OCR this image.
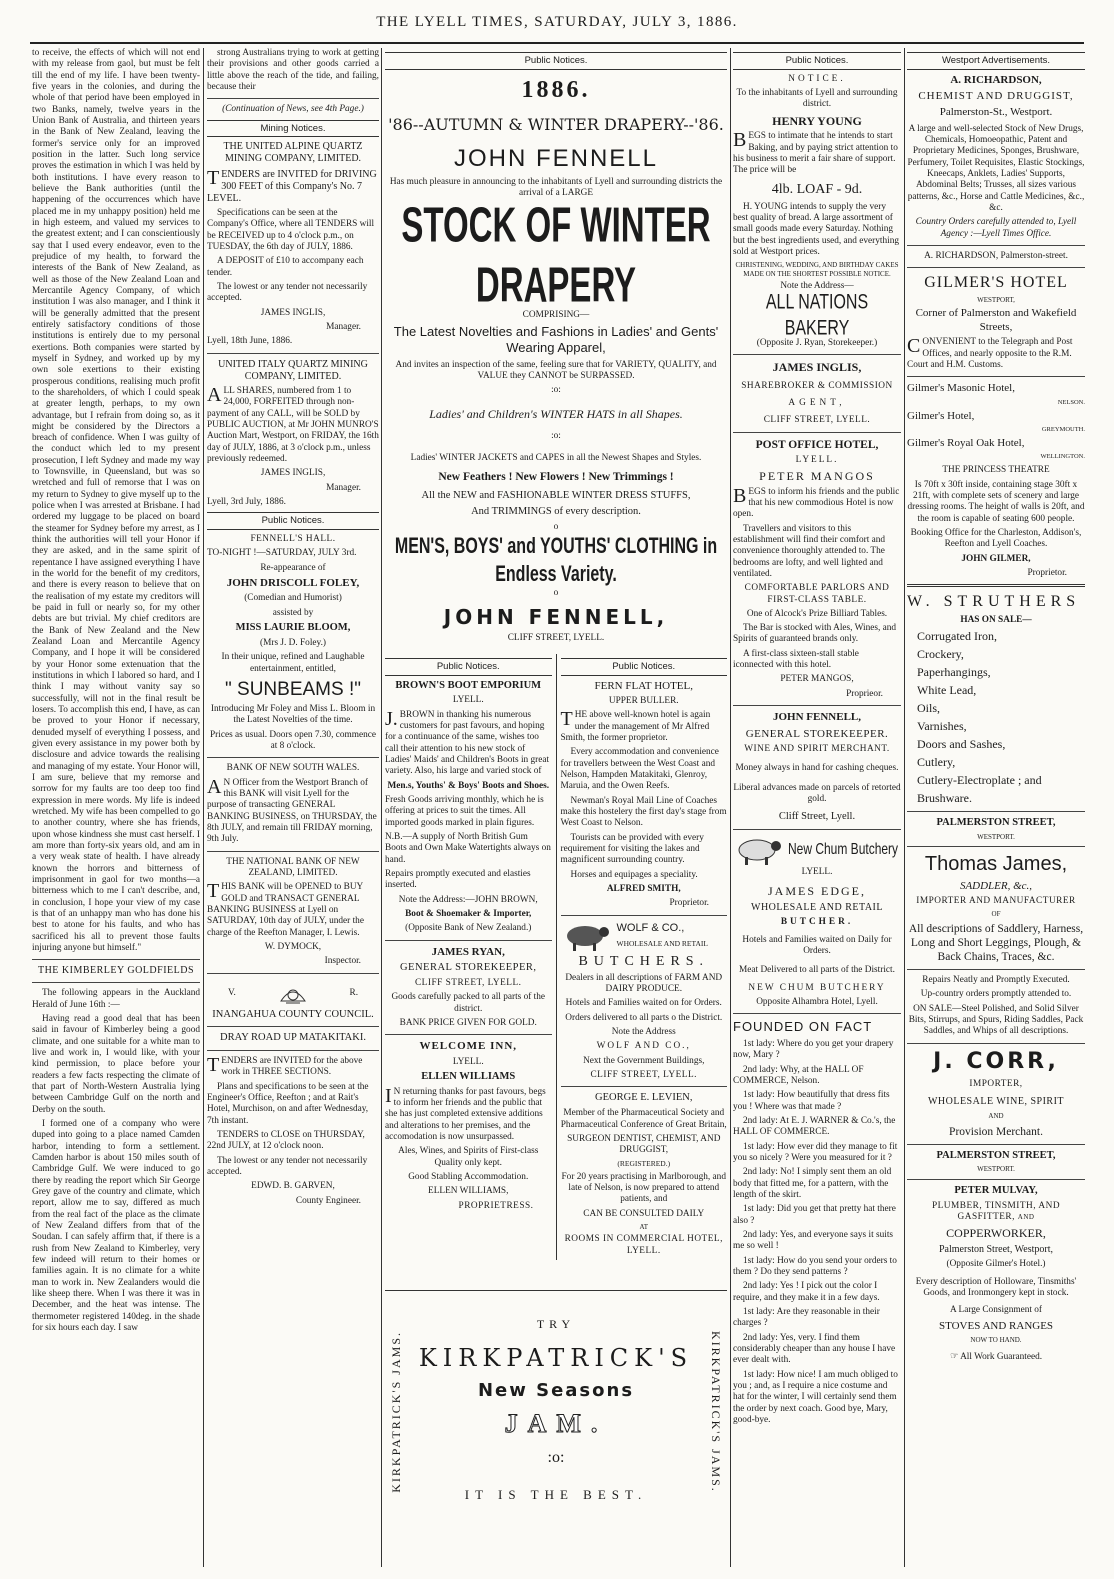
THE LYELL TIMES, SATURDAY, JULY 3, 1886.

to receive, the effects of which will not end with my release from gaol, but must be felt till the end of my life. I have been twenty-five years in the colonies, and during the whole of that period have been employed in two Banks, namely, twelve years in the Union Bank of Australia, and thirteen years in the Bank of New Zealand, leaving the former's service only for an improved position in the latter. Such long service proves the estimation in which I was held by both institutions. I have every reason to believe the Bank authorities (until the happening of the occurrences which have placed me in my unhappy position) held me in high esteem, and valued my services to the greatest extent; and I can conscientiously say that I used every endeavor, even to the prejudice of my health, to forward the interests of the Bank of New Zealand, as well as those of the New Zealand Loan and Mercantile Agency Company, of which institution I was also manager, and I think it will be generally admitted that the present entirely satisfactory conditions of those institutions is entirely due to my personal exertions. Both companies were started by myself in Sydney, and worked up by my own sole exertions to their existing prosperous conditions, realising much profit to the shareholders, of which I could speak at greater length, perhaps, to my own advantage, but I refrain from doing so, as it might be considered by the Directors a breach of confidence. When I was guilty of the conduct which led to my present prosecution, I left Sydney and made my way to Townsville, in Queensland, but was so wretched and full of remorse that I was on my return to Sydney to give myself up to the police when I was arrested at Brisbane. I had ordered my luggage to be placed on board the steamer for Sydney before my arrest, as I think the authorities will tell your Honor if they are asked, and in the same spirit of repentance I have assigned everything I have in the world for the benefit of my creditors, and there is every reason to believe that on the realisation of my estate my creditors will be paid in full or nearly so, for my other debts are but trivial. My chief creditors are the Bank of New Zealand and the New Zealand Loan and Mercantile Agency Company, and I hope it will be considered by your Honor some extenuation that the institutions in which I labored so hard, and I think I may without vanity say so successfully, will not in the final result be losers. To accomplish this end, I have, as can be proved to your Honor if necessary, denuded myself of everything I possess, and given every assistance in my power both by disclosure and advice towards the realising and managing of my estate. Your Honor will, I am sure, believe that my remorse and sorrow for my faults are too deep too find expression in mere words. My life is indeed wretched. My wife has been compelled to go to another country, where she has friends, upon whose kindness she must cast herself. I am more than forty-six years old, and am in a very weak state of health. I have already known the horrors and bitterness of imprisonment in gaol for two months—a bitterness which to me I can't describe, and, in conclusion, I hope your view of my case is that of an unhappy man who has done his best to atone for his faults, and who has sacrificed his all to prevent those faults injuring anyone but himself."

THE KIMBERLEY GOLDFIELDS

The following appears in the Auckland Herald of June 16th :—

Having read a good deal that has been said in favour of Kimberley being a good climate, and one suitable for a white man to live and work in, I would like, with your kind permission, to place before your readers a few facts respecting the climate of that part of North-Western Australia lying between Cambridge Gulf on the north and Derby on the south.

I formed one of a company who were duped into going to a place named Camden harbor, intending to form a settlement. Camden harbor is about 150 miles south of Cambridge Gulf. We were induced to go there by reading the report which Sir George Grey gave of the country and climate, which report, allow me to say, differed as much from the real fact of the place as the climate of New Zealand differs from that of the Soudan. I can safely affirm that, if there is a rush from New Zealand to Kimberley, very few indeed will return to their homes or families again. It is no climate for a white man to work in. New Zealanders would die like sheep there. When I was there it was in December, and the heat was intense. The thermometer registered 140deg. in the shade for six hours each day. I saw

strong Australians trying to work at getting their provisions and other goods carried a little above the reach of the tide, and failing, because their

(Continuation of News, see 4th Page.)

Mining Notices.

THE UNITED ALPINE QUARTZ MINING COMPANY, LIMITED.

TENDERS are INVITED for DRIVING 300 FEET of this Company's No. 7 LEVEL.

Specifications can be seen at the Company's Office, where all TENDERS will be RECEIVED up to 4 o'clock p.m., on TUESDAY, the 6th day of JULY, 1886.

A DEPOSIT of £10 to accompany each tender.

The lowest or any tender not necessarily accepted.

JAMES INGLIS,

Manager.

Lyell, 18th June, 1886.

UNITED ITALY QUARTZ MINING COMPANY, LIMITED.

ALL SHARES, numbered from 1 to 24,000, FORFEITED through non-payment of any CALL, will be SOLD by PUBLIC AUCTION, at Mr JOHN MUNRO'S Auction Mart, Westport, on FRIDAY, the 16th day of JULY, 1886, at 3 o'clock p.m., unless previously redeemed.

JAMES INGLIS,

Manager.

Lyell, 3rd July, 1886.

Public Notices.

FENNELL'S HALL.

TO-NIGHT !—SATURDAY, JULY 3rd.

Re-appearance of

JOHN DRISCOLL FOLEY,

(Comedian and Humorist)

assisted by

MISS LAURIE BLOOM,

(Mrs J. D. Foley.)

In their unique, refined and Laughable entertainment, entitled,

" SUNBEAMS !"

Introducing Mr Foley and Miss L. Bloom in the Latest Novelties of the time.

Prices as usual. Doors open 7.30, commence at 8 o'clock.

BANK OF NEW SOUTH WALES.

AN Officer from the Westport Branch of this BANK will visit Lyell for the purpose of transacting GENERAL BANKING BUSINESS, on THURSDAY, the 8th JULY, and remain till FRIDAY morning, 9th July.

THE NATIONAL BANK OF NEW ZEALAND, LIMITED.

THIS BANK will be OPENED to BUY GOLD and TRANSACT GENERAL BANKING BUSINESS at Lyell on SATURDAY, 10th day of JULY, under the charge of the Reefton Manager, I. Lewis.

W. DYMOCK,

Inspector.

V.	R.

INANGAHUA COUNTY COUNCIL.

DRAY ROAD UP MATAKITAKI.

TENDERS are INVITED for the above work in THREE SECTIONS.

Plans and specifications to be seen at the Engineer's Office, Reefton ; and at Rait's Hotel, Murchison, on and after Wednesday, 7th instant.

TENDERS to CLOSE on THURSDAY, 22nd JULY, at 12 o'clock noon.

The lowest or any tender not necessarily accepted.

EDWD. B. GARVEN,

County Engineer.

Public Notices.

1886.

'86--AUTUMN & WINTER DRAPERY--'86.

JOHN FENNELL

Has much pleasure in announcing to the inhabitants of Lyell and surrounding districts the arrival of a LARGE

STOCK OF WINTER DRAPERY

COMPRISING—

The Latest Novelties and Fashions in Ladies' and Gents' Wearing Apparel,

And invites an inspection of the same, feeling sure that for VARIETY, QUALITY, and VALUE they CANNOT be SURPASSED.

:o:

Ladies' and Children's WINTER HATS in all Shapes.

:o:

Ladies' WINTER JACKETS and CAPES in all the Newest Shapes and Styles.

New Feathers ! New Flowers ! New Trimmings !

All the NEW and FASHIONABLE WINTER DRESS STUFFS,

And TRIMMINGS of every description.

o

MEN'S, BOYS' and YOUTHS' CLOTHING in Endless Variety.

o

JOHN FENNELL,

CLIFF STREET, LYELL.

Public Notices.

BROWN'S BOOT EMPORIUM

LYELL.

J.BROWN in thanking his numerous customers for past favours, and hoping for a continuance of the same, wishes too call their attention to his new stock of Ladies' Maids' and Children's Boots in great variety. Also, his large and varied stock of

Men.s, Youths' & Boys' Boots and Shoes.

Fresh Goods arriving monthly, which he is offering at prices to suit the times. All imported goods marked in plain figures.

N.B.—A supply of North British Gum Boots and Own Make Watertights always on hand.

Repairs promptly executed and elasties inserted.

Note the Address:—JOHN BROWN,

Boot & Shoemaker & Importer,

(Opposite Bank of New Zealand.)

JAMES RYAN,

GENERAL STOREKEEPER,

CLIFF STREET, LYELL.

Goods carefully packed to all parts of the district.

BANK PRICE GIVEN FOR GOLD.

WELCOME INN,

LYELL.

ELLEN WILLIAMS

IN returning thanks for past favours, begs to inform her friends and the public that she has just completed extensive additions and alterations to her premises, and the accomodation is now unsurpassed.

Ales, Wines, and Spirits of First-class Quality only kept.

Good Stabling Accommodation.

ELLEN WILLIAMS,

PROPRIETRESS.

Public Notices.

FERN FLAT HOTEL,

UPPER BULLER.

THE above well-known hotel is again under the management of Mr Alfred Smith, the former proprietor.

Every accommodation and convenience for travellers between the West Coast and Nelson, Hampden Matakitaki, Glenroy, Maruia, and the Owen Reefs.

Newman's Royal Mail Line of Coaches make this hostelery the first day's stage from West Coast to Nelson.

Tourists can be provided with every requirement for visiting the lakes and magnificent surrounding country.

Horses and equipages a speciality.

ALFRED SMITH,

Proprietor.

WOLF & CO.,

WHOLESALE AND RETAIL

BUTCHERS.

Dealers in all descriptions of FARM AND DAIRY PRODUCE.

Hotels and Families waited on for Orders.

Orders delivered to all parts o the District.

Note the Address

WOLF AND CO.,

Next the Government Buildings,

CLIFF STREET, LYELL.

GEORGE E. LEVIEN,

Member of the Pharmaceutical Society and Pharmaceutical Conference of Great Britain,

SURGEON DENTIST, CHEMIST, AND DRUGGIST,

(REGISTERED.)

For 20 years practising in Marlborough, and late of Nelson, is now prepared to attend patients, and

CAN BE CONSULTED DAILY

AT

ROOMS IN COMMERCIAL HOTEL, LYELL.

KIRKPATRICK'S JAMS.	KIRKPATRICK'S JAMS.

TRY

KIRKPATRICK'S

New Seasons

JAM.

:o:

IT IS THE BEST.

Public Notices.

NOTICE.

To the inhabitants of Lyell and surrounding district.

HENRY YOUNG

BEGS to intimate that he intends to start Baking, and by paying strict attention to his business to merit a fair share of support. The price will be

4lb. LOAF - 9d.

H. YOUNG intends to supply the very best quality of bread. A large assortment of small goods made every Saturday. Nothing but the best ingredients used, and everything sold at Westport prices.

CHRISTENING, WEDDING, AND BIRTHDAY CAKES MADE ON THE SHORTEST POSSIBLE NOTICE.

Note the Address—

ALL NATIONS BAKERY

(Opposite J. Ryan, Storekeeper.)

JAMES INGLIS,

SHAREBROKER & COMMISSION

AGENT,

CLIFF STREET, LYELL.

POST OFFICE HOTEL,

LYELL.

PETER MANGOS

BEGS to inform his friends and the public that his new commodious Hotel is now open.

Travellers and visitors to this establishment will find their comfort and convenience thoroughly attended to. The bedrooms are lofty, and well lighted and ventilated.

COMFORTABLE PARLORS AND FIRST-CLASS TABLE.

One of Alcock's Prize Billiard Tables.

The Bar is stocked with Ales, Wines, and Spirits of guaranteed brands only.

A first-class sixteen-stall stable iconnected with this hotel.

PETER MANGOS,

Proprieor.

JOHN FENNELL,

GENERAL STOREKEEPER.

WINE AND SPIRIT MERCHANT.

Money always in hand for cashing cheques.

Liberal advances made on parcels of retorted gold.

Cliff Street, Lyell.

New Chum Butchery

LYELL.

JAMES EDGE,

WHOLESALE AND RETAIL

BUTCHER.

Hotels and Families waited on Daily for Orders.

Meat Delivered to all parts of the District.

NEW CHUM BUTCHERY

Opposite Alhambra Hotel, Lyell.

FOUNDED ON FACT

1st lady: Where do you get your drapery now, Mary ?

2nd lady: Why, at the HALL OF COMMERCE, Nelson.

1st lady: How beautifully that dress fits you ! Where was that made ?

2nd lady: At E. J. WARNER & Co.'s, the HALL OF COMMERCE.

1st lady: How ever did they manage to fit you so nicely ? Were you measured for it ?

2nd lady: No! I simply sent them an old body that fitted me, for a pattern, with the length of the skirt.

1st lady: Did you get that pretty hat there also ?

2nd lady: Yes, and everyone says it suits me so well !

1st lady: How do you send your orders to them ? Do they send patterns ?

2nd lady: Yes ! I pick out the color I require, and they make it in a few days.

1st lady: Are they reasonable in their charges ?

2nd lady: Yes, very. I find them considerably cheaper than any house I have ever dealt with.

1st lady: How nice! I am much obliged to you ; and, as I require a nice costume and hat for the winter, I will certainly send them the order by next coach. Good bye, Mary, good-bye.

Westport Advertisements.

A. RICHARDSON,

CHEMIST AND DRUGGIST,

Palmerston-St., Westport.

A large and well-selected Stock of New Drugs, Chemicals, Homoeopathic, Patent and Proprietary Medicines, Sponges, Brushware, Perfumery, Toilet Requisites, Elastic Stockings, Kneecaps, Anklets, Ladies' Supports, Abdominal Belts; Trusses, all sizes various patterns, &c., Horse and Cattle Medicines, &c., &c.

Country Orders carefully attended to, Lyell Agency :—Lyell Times Office.

A. RICHARDSON, Palmerston-street.

GILMER'S HOTEL

WESTPORT,

Corner of Palmerston and Wakefield Streets,

CONVENIENT to the Telegraph and Post Offices, and nearly opposite to the R.M. Court and H.M. Customs.

Gilmer's Masonic Hotel,

NELSON.

Gilmer's Hotel,

GREYMOUTH.

Gilmer's Royal Oak Hotel,

WELLINGTON.

THE PRINCESS THEATRE

Is 70ft x 30ft inside, containing stage 30ft x 21ft, with complete sets of scenery and large dressing rooms. The height of walls is 20ft, and the room is capable of seating 600 people.

Booking Office for the Charleston, Addison's, Reefton and Lyell Coaches.

JOHN GILMER,

Proprietor.

W. STRUTHERS

HAS ON SALE—

Corrugated Iron,

Crockery,

Paperhangings,

White Lead,

Oils,

Varnishes,

Doors and Sashes,

Cutlery,

Cutlery-Electroplate ; and

Brushware.

PALMERSTON STREET,

WESTPORT.

Thomas James,

SADDLER, &c.,

IMPORTER AND MANUFACTURER

OF

All descriptions of Saddlery, Harness, Long and Short Leggings, Plough, & Back Chains, Traces, &c.

Repairs Neatly and Promptly Executed.

Up-country orders promptly attended to.

ON SALE—Steel Polished, and Solid Silver Bits, Stirrups, and Spurs, Riding Saddles, Pack Saddles, and Whips of all descriptions.

J. CORR,

IMPORTER,

WHOLESALE WINE, SPIRIT

AND

Provision Merchant.

PALMERSTON STREET,

WESTPORT.

PETER MULVAY,

PLUMBER, TINSMITH, AND GASFITTER, and

COPPERWORKER,

Palmerston Street, Westport,

(Opposite Gilmer's Hotel.)

Every description of Holloware, Tinsmiths' Goods, and Ironmongery kept in stock.

A Large Consignment of

STOVES AND RANGES

NOW TO HAND.

☞ All Work Guaranteed.
